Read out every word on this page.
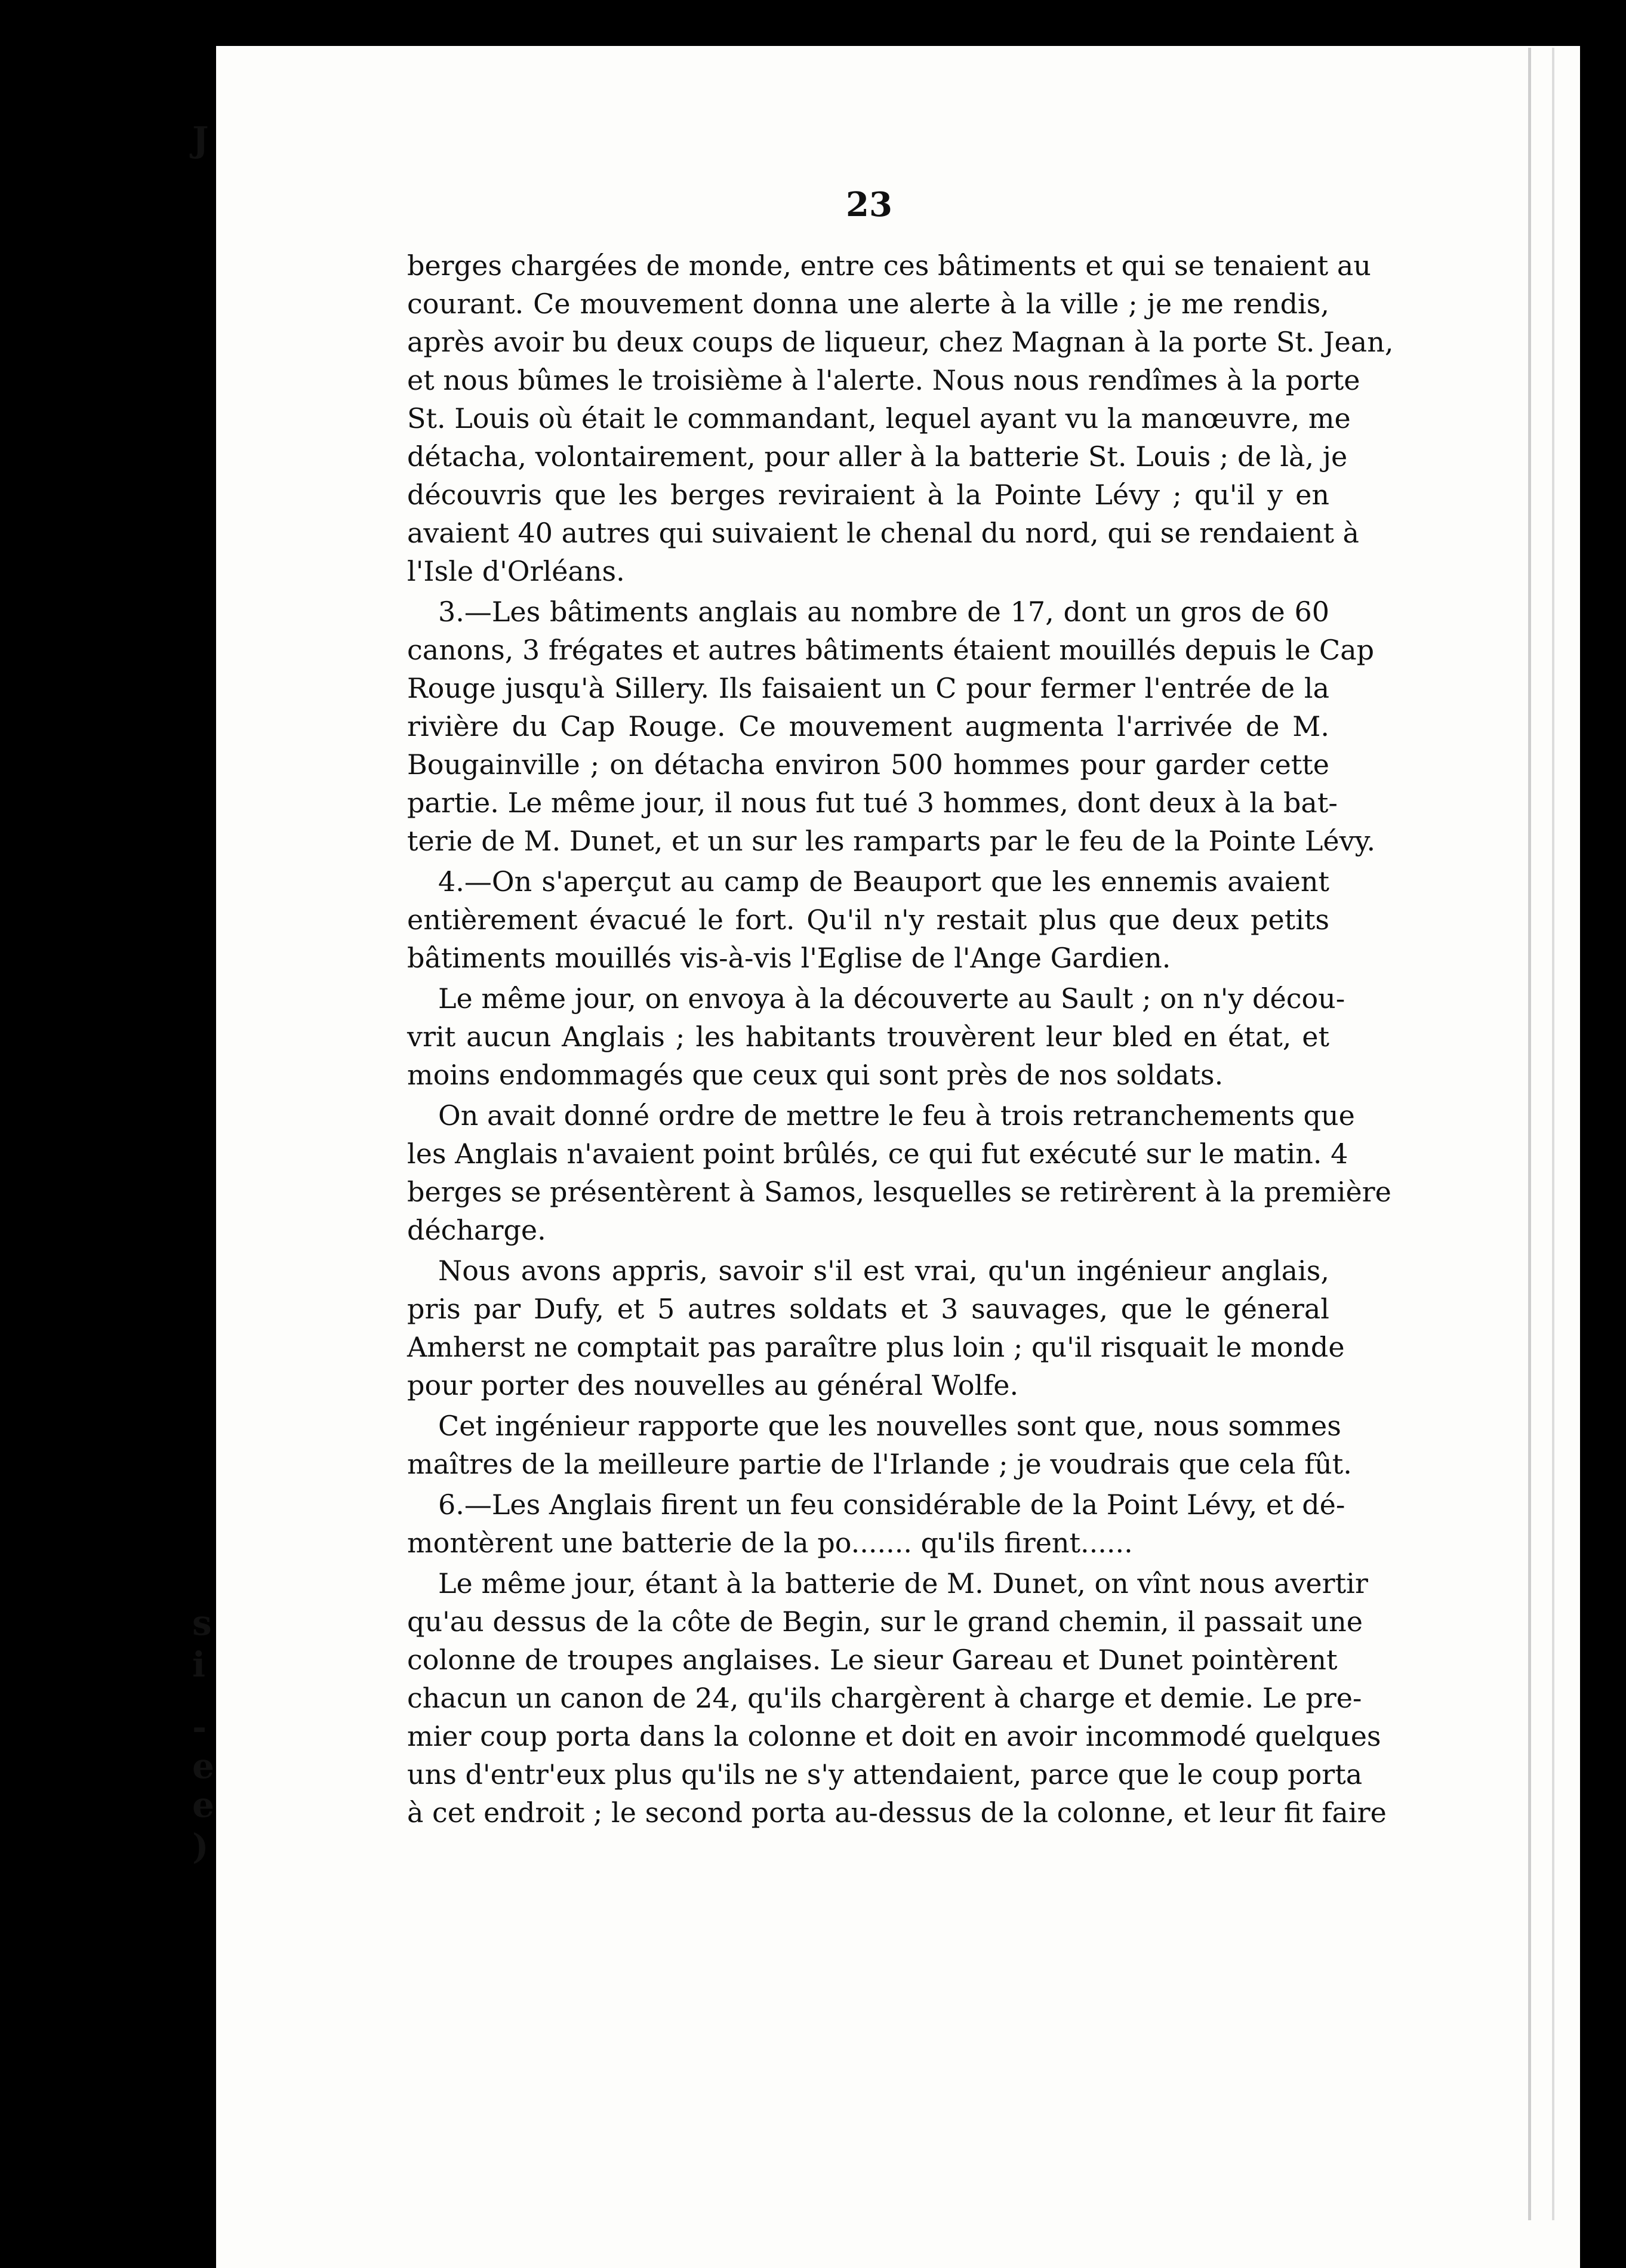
J
s
i
-
e
e
)
23
berges chargées de monde, entre ces bâtiments et qui se tenaient au
courant. Ce mouvement donna une alerte à la ville ; je me rendis,
après avoir bu deux coups de liqueur, chez Magnan à la porte St. Jean,
et nous bûmes le troisième à l'alerte. Nous nous rendîmes à la porte
St. Louis où était le commandant, lequel ayant vu la manœuvre, me
détacha, volontairement, pour aller à la batterie St. Louis ; de là, je
découvris que les berges reviraient à la Pointe Lévy ; qu'il y en
avaient 40 autres qui suivaient le chenal du nord, qui se rendaient à
l'Isle d'Orléans.
3.—Les bâtiments anglais au nombre de 17, dont un gros de 60
canons, 3 frégates et autres bâtiments étaient mouillés depuis le Cap
Rouge jusqu'à Sillery. Ils faisaient un C pour fermer l'entrée de la
rivière du Cap Rouge. Ce mouvement augmenta l'arrivée de M.
Bougainville ; on détacha environ 500 hommes pour garder cette
partie. Le même jour, il nous fut tué 3 hommes, dont deux à la bat-
terie de M. Dunet, et un sur les ramparts par le feu de la Pointe Lévy.
4.—On s'aperçut au camp de Beauport que les ennemis avaient
entièrement évacué le fort. Qu'il n'y restait plus que deux petits
bâtiments mouillés vis-à-vis l'Eglise de l'Ange Gardien.
Le même jour, on envoya à la découverte au Sault ; on n'y décou-
vrit aucun Anglais ; les habitants trouvèrent leur bled en état, et
moins endommagés que ceux qui sont près de nos soldats.
On avait donné ordre de mettre le feu à trois retranchements que
les Anglais n'avaient point brûlés, ce qui fut exécuté sur le matin. 4
berges se présentèrent à Samos, lesquelles se retirèrent à la première
décharge.
Nous avons appris, savoir s'il est vrai, qu'un ingénieur anglais,
pris par Dufy, et 5 autres soldats et 3 sauvages, que le géneral
Amherst ne comptait pas paraître plus loin ; qu'il risquait le monde
pour porter des nouvelles au général Wolfe.
Cet ingénieur rapporte que les nouvelles sont que, nous sommes
maîtres de la meilleure partie de l'Irlande ; je voudrais que cela fût.
6.—Les Anglais firent un feu considérable de la Point Lévy, et dé-
montèrent une batterie de la po....... qu'ils firent......
Le même jour, étant à la batterie de M. Dunet, on vînt nous avertir
qu'au dessus de la côte de Begin, sur le grand chemin, il passait une
colonne de troupes anglaises. Le sieur Gareau et Dunet pointèrent
chacun un canon de 24, qu'ils chargèrent à charge et demie. Le pre-
mier coup porta dans la colonne et doit en avoir incommodé quelques
uns d'entr'eux plus qu'ils ne s'y attendaient, parce que le coup porta
à cet endroit ; le second porta au-dessus de la colonne, et leur fit faire
